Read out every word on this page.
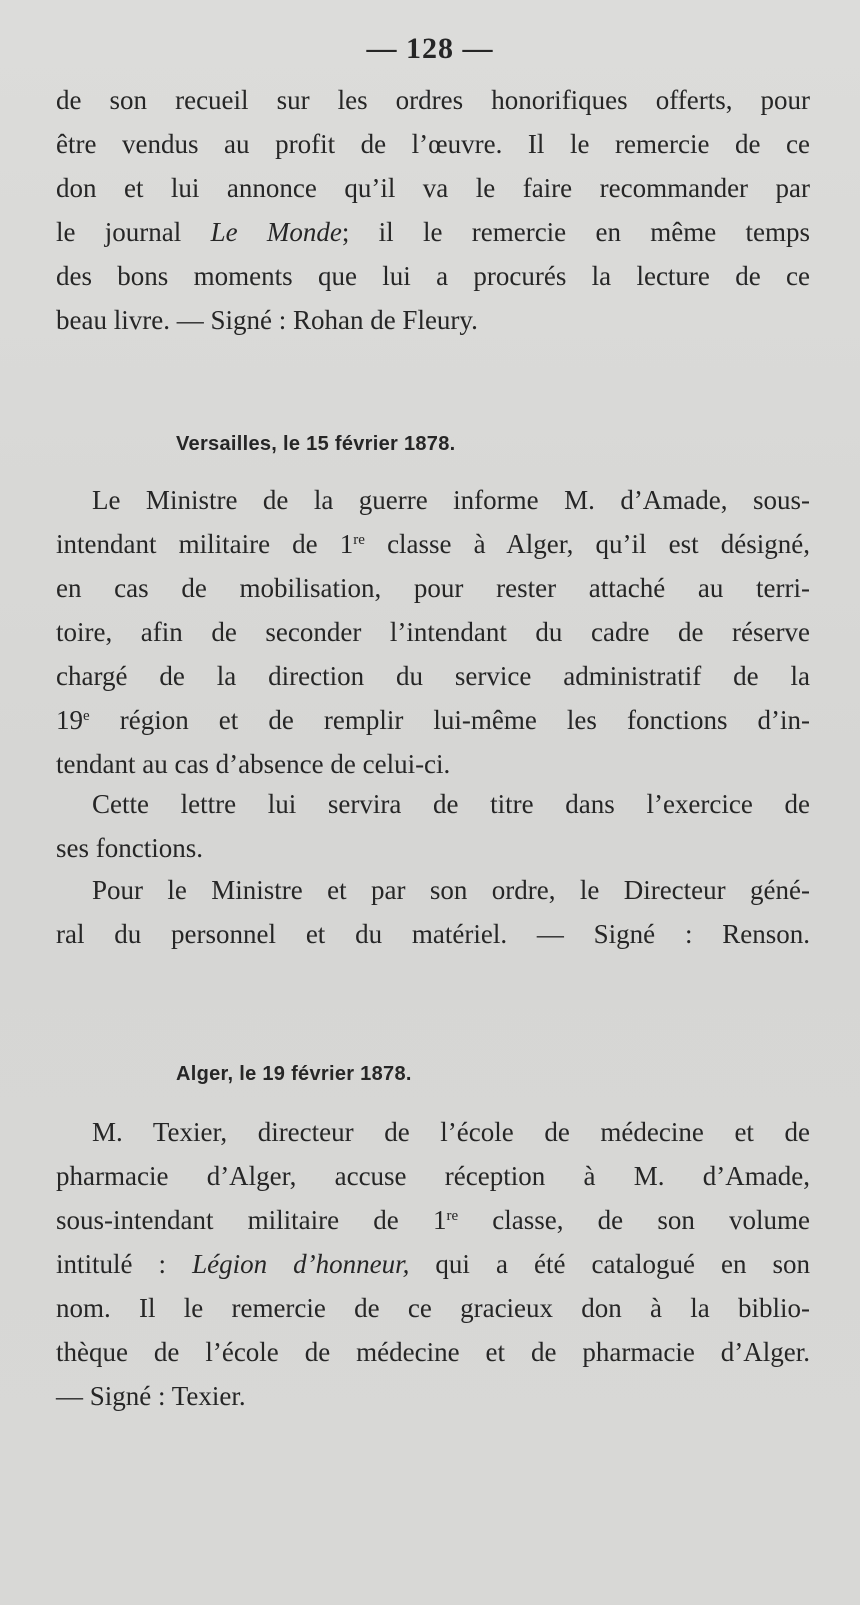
— 128 —
de son recueil sur les ordres honorifiques offerts, pour
être vendus au profit de l’œuvre. Il le remercie de ce
don et lui annonce qu’il va le faire recommander par
le journal Le Monde; il le remercie en même temps
des bons moments que lui a procurés la lecture de ce
beau livre. — Signé : Rohan de Fleury.
Versailles, le 15 février 1878.
Le Ministre de la guerre informe M. d’Amade, sous-
intendant militaire de 1re classe à Alger, qu’il est désigné,
en cas de mobilisation, pour rester attaché au terri-
toire, afin de seconder l’intendant du cadre de réserve
chargé de la direction du service administratif de la
19e région et de remplir lui-même les fonctions d’in-
tendant au cas d’absence de celui-ci.
Cette lettre lui servira de titre dans l’exercice de
ses fonctions.
Pour le Ministre et par son ordre, le Directeur géné-
ral du personnel et du matériel. — Signé : Renson.
Alger, le 19 février 1878.
M. Texier, directeur de l’école de médecine et de
pharmacie d’Alger, accuse réception à M. d’Amade,
sous-intendant militaire de 1re classe, de son volume
intitulé : Légion d’honneur, qui a été catalogué en son
nom. Il le remercie de ce gracieux don à la biblio-
thèque de l’école de médecine et de pharmacie d’Alger.
— Signé : Texier.
